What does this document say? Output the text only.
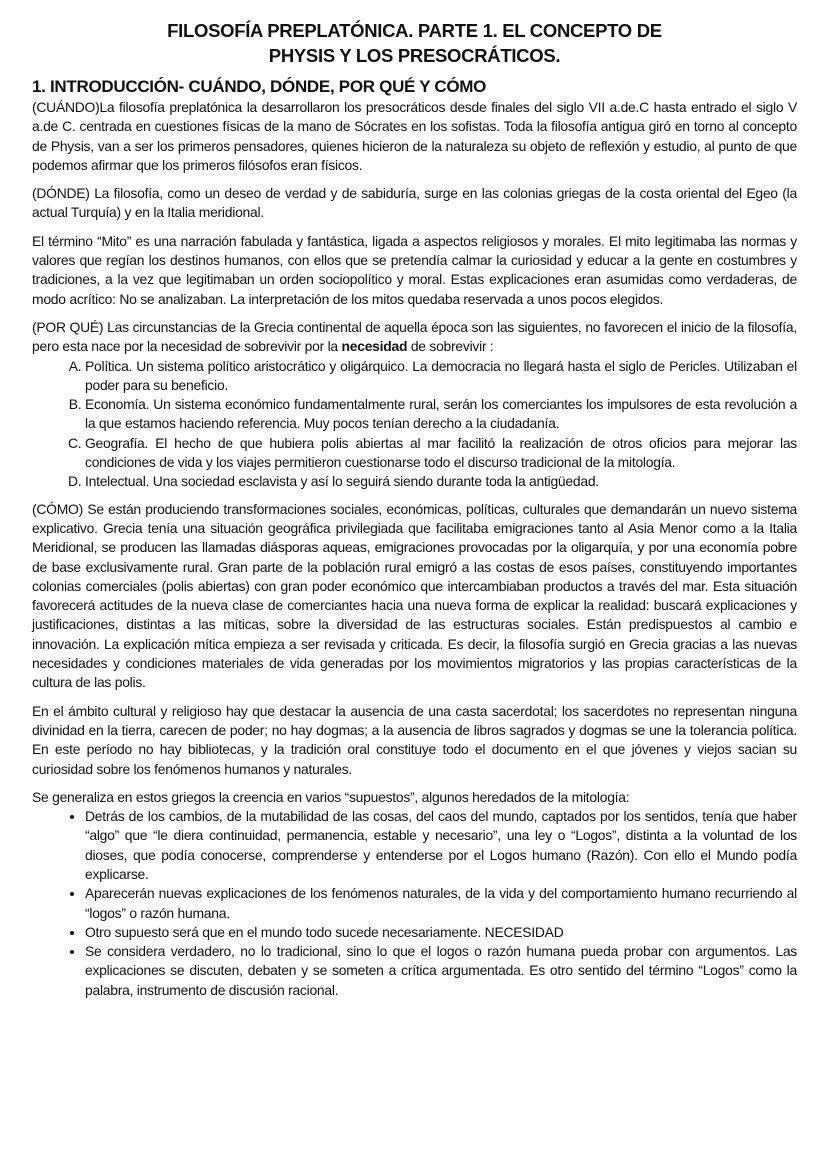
FILOSOFÍA PREPLATÓNICA. PARTE 1. EL CONCEPTO DE
PHYSIS Y LOS PRESOCRÁTICOS.
1. INTRODUCCIÓN- CUÁNDO, DÓNDE, POR QUÉ Y CÓMO

(CUÁNDO)La filosofía preplatónica la desarrollaron los presocráticos desde finales del siglo VII a.de.C hasta entrado el siglo V a.de C. centrada en cuestiones físicas de la mano de Sócrates en los sofistas. Toda la filosofía antigua giró en torno al concepto de Physis, van a ser los primeros pensadores, quienes hicieron de la naturaleza su objeto de reflexión y estudio, al punto de que podemos afirmar que los primeros filósofos eran físicos.

(DÓNDE) La filosofía, como un deseo de verdad y de sabiduría, surge en las colonias griegas de la costa oriental del Egeo (la actual Turquía) y en la Italia meridional.

El término “Mito” es una narración fabulada y fantástica, ligada a aspectos religiosos y morales. El mito legitimaba las normas y valores que regían los destinos humanos, con ellos que se pretendía calmar la curiosidad y educar a la gente en costumbres y tradiciones, a la vez que legitimaban un orden sociopolítico y moral. Estas explicaciones eran asumidas como verdaderas, de modo acrítico: No se analizaban. La interpretación de los mitos quedaba reservada a unos pocos elegidos.

(POR QUÉ) Las circunstancias de la Grecia continental de aquella época son las siguientes, no favorecen el inicio de la filosofía, pero esta nace por la necesidad de sobrevivir por la necesidad de sobrevivir :

A. Política. Un sistema político aristocrático y oligárquico. La democracia no llegará hasta el siglo de Pericles. Utilizaban el poder para su beneficio.
B. Economía. Un sistema económico fundamentalmente rural, serán los comerciantes los impulsores de esta revolución a la que estamos haciendo referencia. Muy pocos tenían derecho a la ciudadanía.
C. Geografía. El hecho de que hubiera polis abiertas al mar facilitó la realización de otros oficios para mejorar las condiciones de vida y los viajes permitieron cuestionarse todo el discurso tradicional de la mitología.
D. Intelectual. Una sociedad esclavista y así lo seguirá siendo durante toda la antigüedad.

(CÓMO) Se están produciendo transformaciones sociales, económicas, políticas, culturales que demandarán un nuevo sistema explicativo. Grecia tenía una situación geográfica privilegiada que facilitaba emigraciones tanto al Asia Menor como a la Italia Meridional, se producen las llamadas diásporas aqueas, emigraciones provocadas por la oligarquía, y por una economía pobre de base exclusivamente rural. Gran parte de la población rural emigró a las costas de esos países, constituyendo importantes colonias comerciales (polis abiertas) con gran poder económico que intercambiaban productos a través del mar. Esta situación favorecerá actitudes de la nueva clase de comerciantes hacia una nueva forma de explicar la realidad: buscará explicaciones y justificaciones, distintas a las míticas, sobre la diversidad de las estructuras sociales. Están predispuestos al cambio e innovación. La explicación mítica empieza a ser revisada y criticada. Es decir, la filosofía surgió en Grecia gracias a las nuevas necesidades y condiciones materiales de vida generadas por los movimientos migratorios y las propias características de la cultura de las polis.

En el ámbito cultural y religioso hay que destacar la ausencia de una casta sacerdotal; los sacerdotes no representan ninguna divinidad en la tierra, carecen de poder; no hay dogmas; a la ausencia de libros sagrados y dogmas se une la tolerancia política. En este período no hay bibliotecas, y la tradición oral constituye todo el documento en el que jóvenes y viejos sacian su curiosidad sobre los fenómenos humanos y naturales.

Se generaliza en estos griegos la creencia en varios “supuestos”, algunos heredados de la mitología:

• Detrás de los cambios, de la mutabilidad de las cosas, del caos del mundo, captados por los sentidos, tenía que haber “algo” que “le diera continuidad, permanencia, estable y necesario”, una ley o “Logos”, distinta a la voluntad de los dioses, que podía conocerse, comprenderse y entenderse por el Logos humano (Razón). Con ello el Mundo podía explicarse.
• Aparecerán nuevas explicaciones de los fenómenos naturales, de la vida y del comportamiento humano recurriendo al “logos” o razón humana.
• Otro supuesto será que en el mundo todo sucede necesariamente. NECESIDAD
• Se considera verdadero, no lo tradicional, sino lo que el logos o razón humana pueda probar con argumentos. Las explicaciones se discuten, debaten y se someten a crítica argumentada. Es otro sentido del término “Logos” como la palabra, instrumento de discusión racional.
